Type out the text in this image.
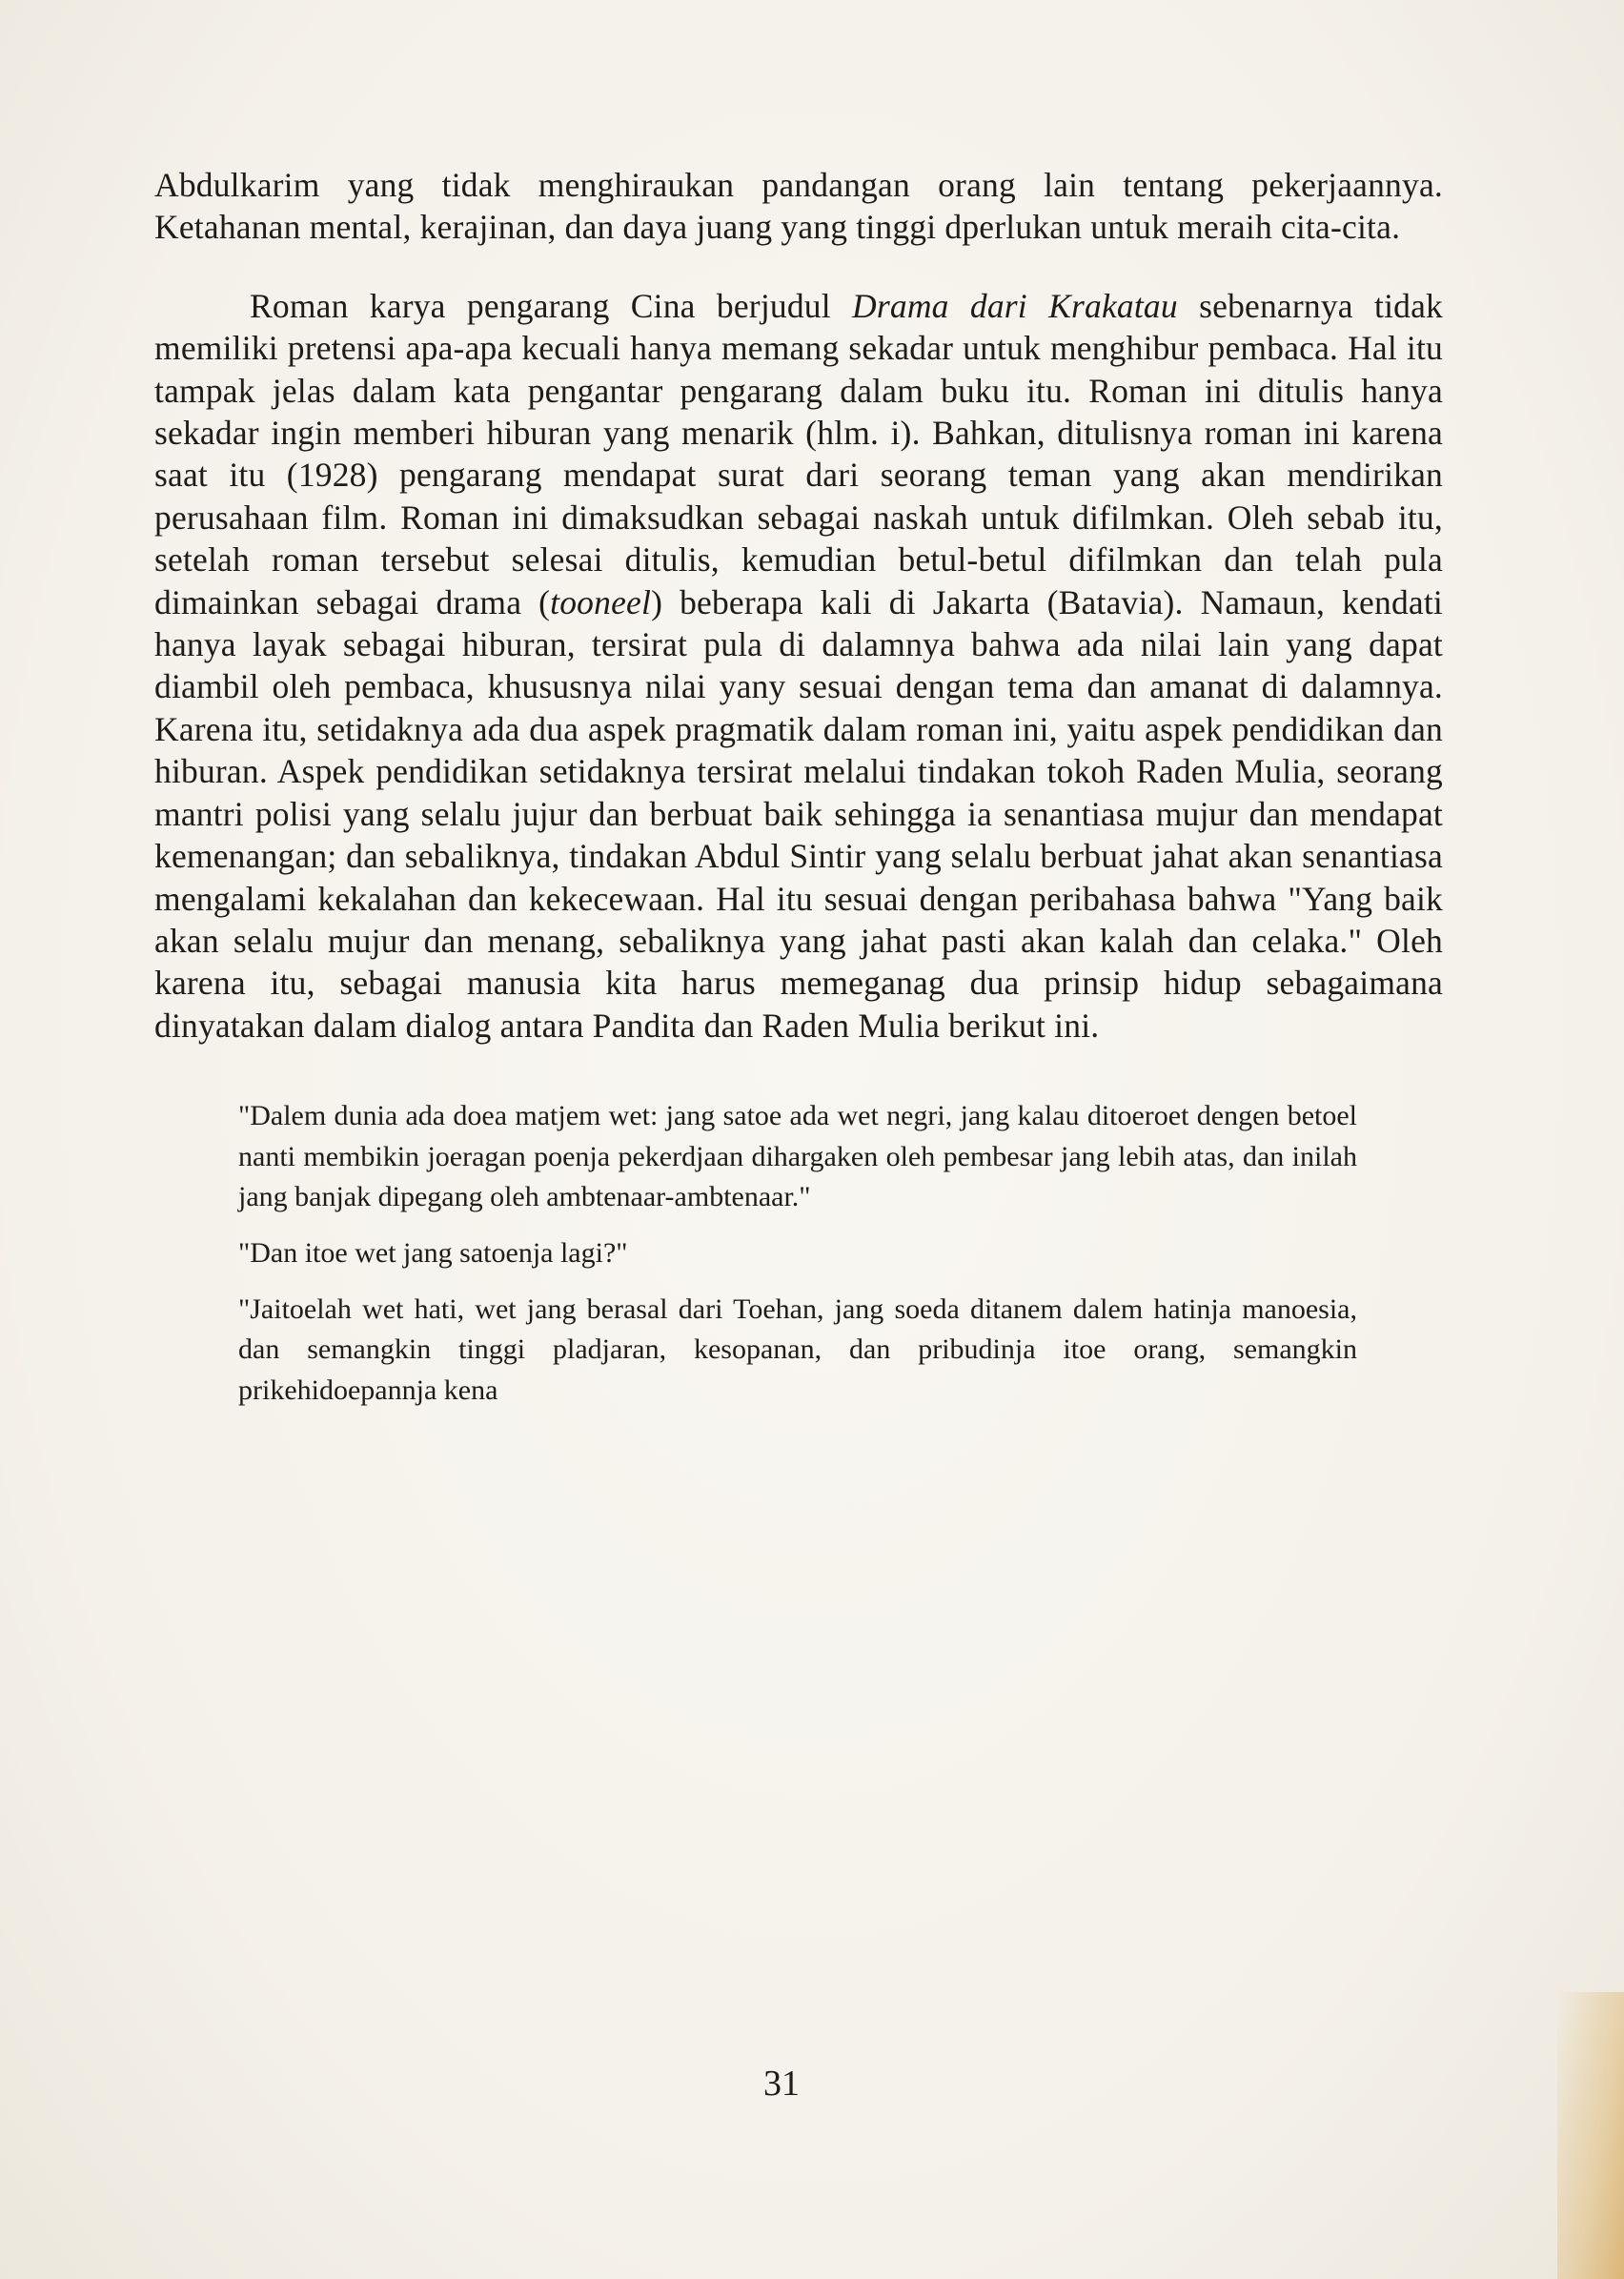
Abdulkarim yang tidak menghiraukan pandangan orang lain tentang pekerjaannya. Ketahanan mental, kerajinan, dan daya juang yang tinggi dperlukan untuk meraih cita-cita.

Roman karya pengarang Cina berjudul Drama dari Krakatau sebenarnya tidak memiliki pretensi apa-apa kecuali hanya memang sekadar untuk menghibur pembaca. Hal itu tampak jelas dalam kata pengantar pengarang dalam buku itu. Roman ini ditulis hanya sekadar ingin memberi hiburan yang menarik (hlm. i). Bahkan, ditulisnya roman ini karena saat itu (1928) pengarang mendapat surat dari seorang teman yang akan mendirikan perusahaan film. Roman ini dimaksudkan sebagai naskah untuk difilmkan. Oleh sebab itu, setelah roman tersebut selesai ditulis, kemudian betul-betul difilmkan dan telah pula dimainkan sebagai drama (tooneel) beberapa kali di Jakarta (Batavia). Namaun, kendati hanya layak sebagai hiburan, tersirat pula di dalamnya bahwa ada nilai lain yang dapat diambil oleh pembaca, khususnya nilai yany sesuai dengan tema dan amanat di dalamnya. Karena itu, setidaknya ada dua aspek pragmatik dalam roman ini, yaitu aspek pendidikan dan hiburan. Aspek pendidikan setidaknya tersirat melalui tindakan tokoh Raden Mulia, seorang mantri polisi yang selalu jujur dan berbuat baik sehingga ia senantiasa mujur dan mendapat kemenangan; dan sebaliknya, tindakan Abdul Sintir yang selalu berbuat jahat akan senantiasa mengalami kekalahan dan kekecewaan. Hal itu sesuai dengan peribahasa bahwa "Yang baik akan selalu mujur dan menang, sebaliknya yang jahat pasti akan kalah dan celaka." Oleh karena itu, sebagai manusia kita harus memeganag dua prinsip hidup sebagaimana dinyatakan dalam dialog antara Pandita dan Raden Mulia berikut ini.

"Dalem dunia ada doea matjem wet: jang satoe ada wet negri, jang kalau ditoeroet dengen betoel nanti membikin joeragan poenja pekerdjaan dihargaken oleh pembesar jang lebih atas, dan inilah jang banjak dipegang oleh ambtenaar-ambtenaar."

"Dan itoe wet jang satoenja lagi?"

"Jaitoelah wet hati, wet jang berasal dari Toehan, jang soeda ditanem dalem hatinja manoesia, dan semangkin tinggi pladjaran, kesopanan, dan pribudinja itoe orang, semangkin prikehidoepannja kena

31
